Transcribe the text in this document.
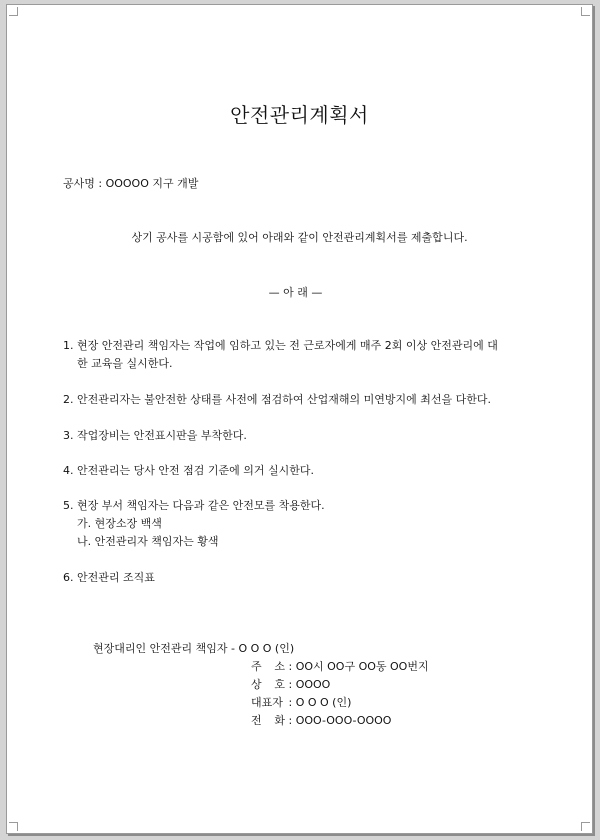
안전관리계획서
공사명 : OOOOO 지구 개발
상기 공사를 시공함에 있어 아래와 같이 안전관리계획서를 제출합니다.
— 아 래 —
1. 현장 안전관리 책임자는 작업에 임하고 있는 전 근로자에게 매주 2회 이상 안전관리에 대
한 교육을 실시한다.
2. 안전관리자는 불안전한 상태를 사전에 점검하여 산업재해의 미연방지에 최선을 다한다.
3. 작업장비는 안전표시판을 부착한다.
4. 안전관리는 당사 안전 점검 기준에 의거 실시한다.
5. 현장 부서 책임자는 다음과 같은 안전모를 착용한다.
가. 현장소장 백색
나. 안전관리자 책임자는 황색
6. 안전관리 조직표
현장대리인 안전관리 책임자 - O O O (인)
주 소 : OO시 OO구 OO동 OO번지
상 호 : OOOO
대표자 : O O O (인)
전 화 : OOO-OOO-OOOO
